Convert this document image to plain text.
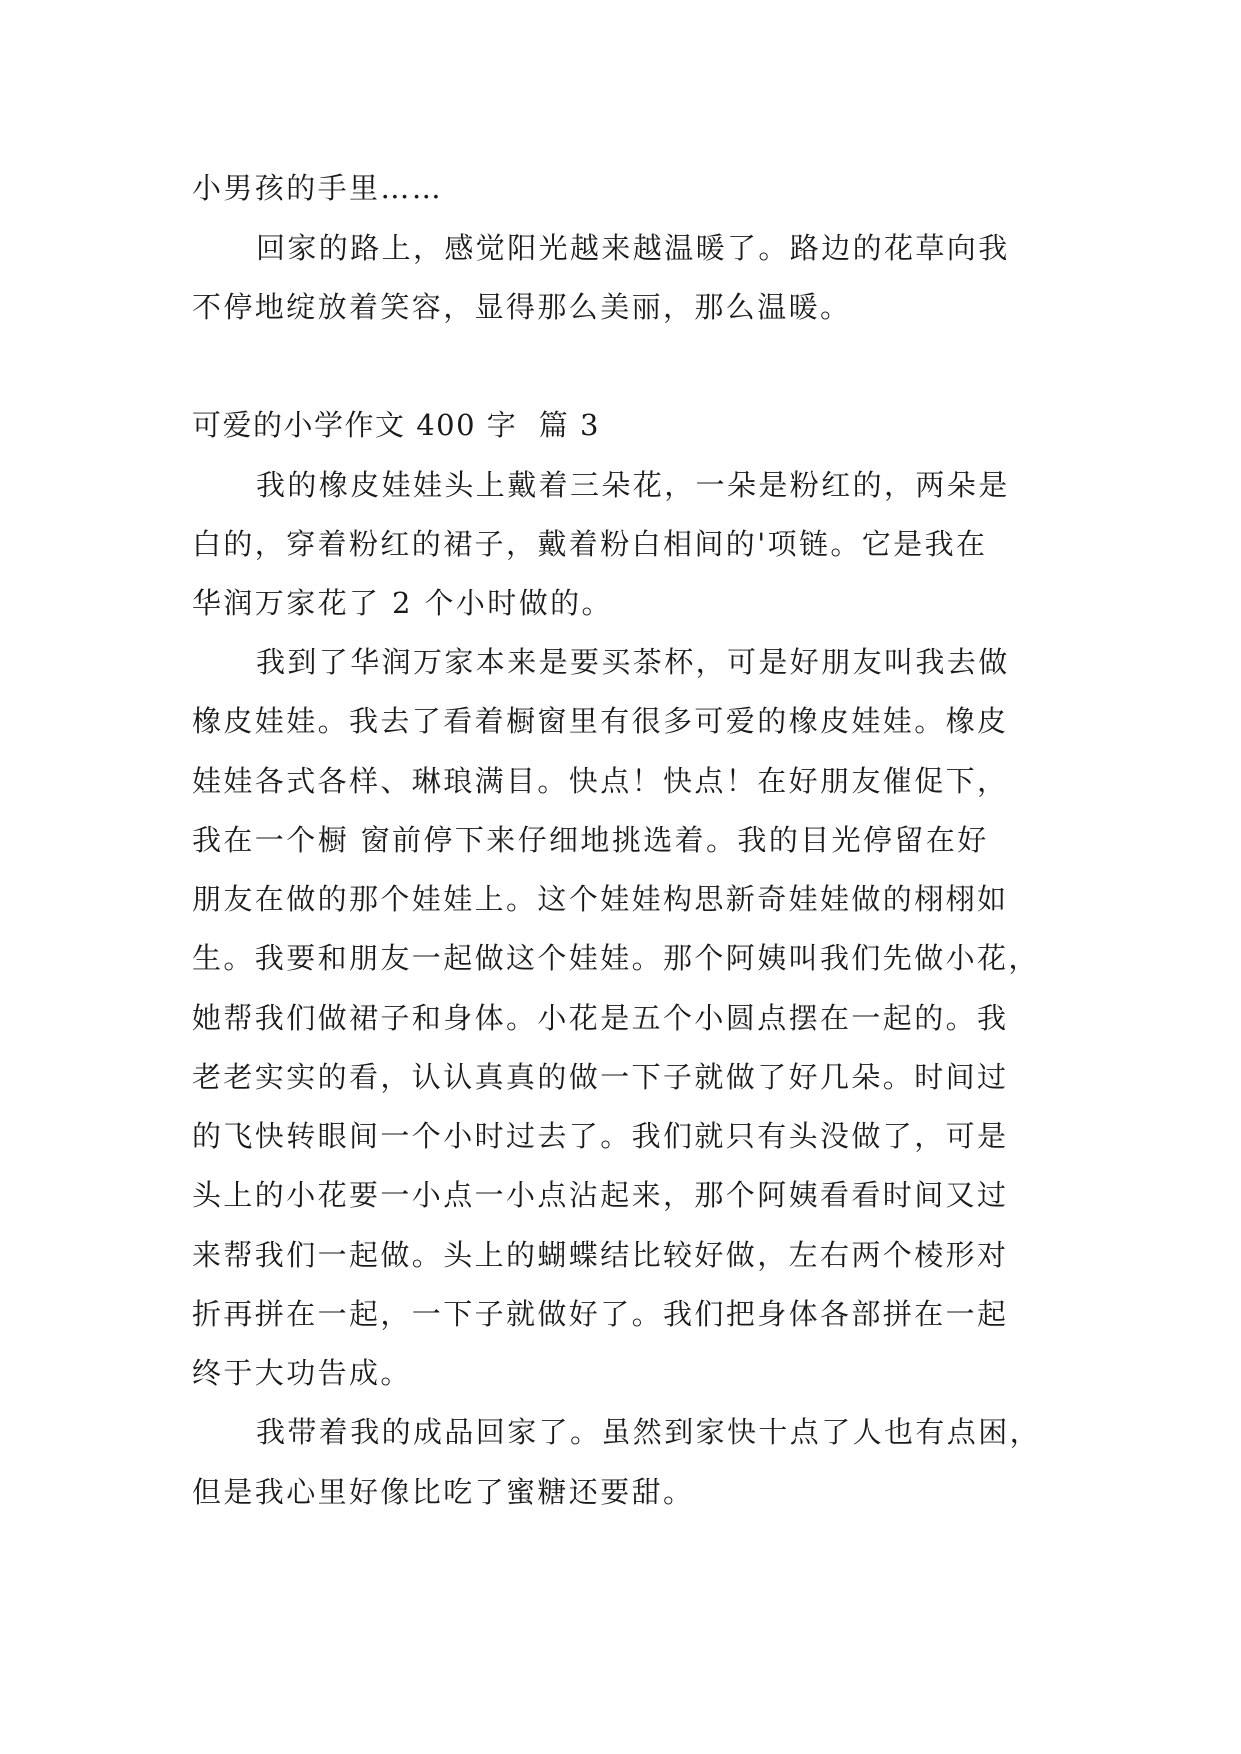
小男孩的手里……
回家的路上，感觉阳光越来越温暖了。路边的花草向我
不停地绽放着笑容，显得那么美丽，那么温暖。
可爱的小学作文 400 字  篇 3
我的橡皮娃娃头上戴着三朵花，一朵是粉红的，两朵是
白的，穿着粉红的裙子，戴着粉白相间的'项链。它是我在
华润万家花了 2 个小时做的。
我到了华润万家本来是要买茶杯，可是好朋友叫我去做
橡皮娃娃。我去了看着橱窗里有很多可爱的橡皮娃娃。橡皮
娃娃各式各样、琳琅满目。快点！快点！在好朋友催促下，
我在一个橱 窗前停下来仔细地挑选着。我的目光停留在好
朋友在做的那个娃娃上。这个娃娃构思新奇娃娃做的栩栩如
生。我要和朋友一起做这个娃娃。那个阿姨叫我们先做小花，
她帮我们做裙子和身体。小花是五个小圆点摆在一起的。我
老老实实的看，认认真真的做一下子就做了好几朵。时间过
的飞快转眼间一个小时过去了。我们就只有头没做了，可是
头上的小花要一小点一小点沾起来，那个阿姨看看时间又过
来帮我们一起做。头上的蝴蝶结比较好做，左右两个棱形对
折再拼在一起，一下子就做好了。我们把身体各部拼在一起
终于大功告成。
我带着我的成品回家了。虽然到家快十点了人也有点困，
但是我心里好像比吃了蜜糖还要甜。
